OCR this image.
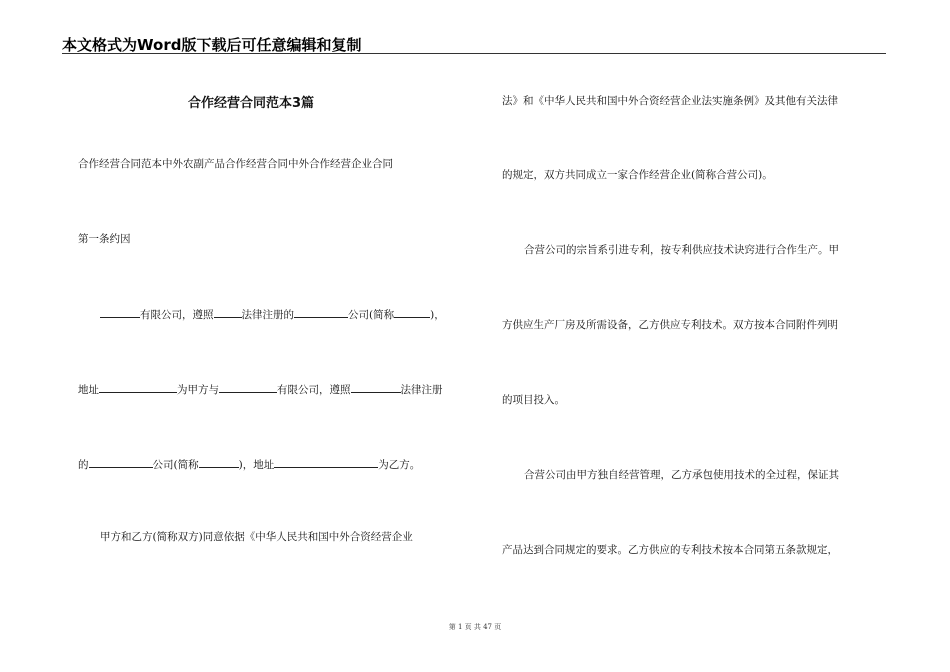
本文格式为Word版下载后可任意编辑和复制
合作经营合同范本3篇
合作经营合同范本中外农副产品合作经营合同中外合作经营企业合同
第一条约因
有限公司，遵照	法律注册的	公司(简称	)，
地址	为甲方与	有限公司，遵照	法律注册
的	公司(简称	)，地址	为乙方。
甲方和乙方(简称双方)同意依据《中华人民共和国中外合资经营企业
法》和《中华人民共和国中外合资经营企业法实施条例》及其他有关法律
的规定，双方共同成立一家合作经营企业(简称合营公司)。
合营公司的宗旨系引进专利，按专利供应技术诀窍进行合作生产。甲
方供应生产厂房及所需设备，乙方供应专利技术。双方按本合同附件列明
的项目投入。
合营公司由甲方独自经营管理，乙方承包使用技术的全过程，保证其
产品达到合同规定的要求。乙方供应的专利技术按本合同第五条款规定，
第 1 页 共 47 页
